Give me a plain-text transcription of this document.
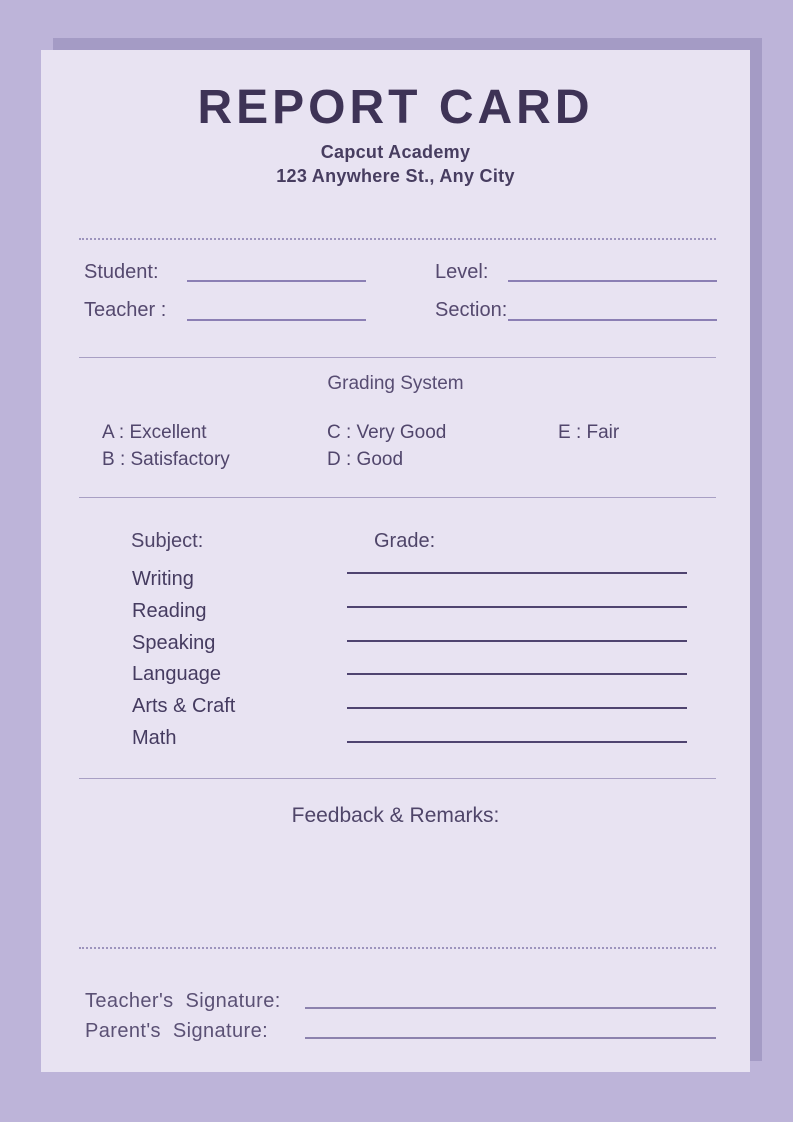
REPORT CARD
Capcut Academy
123 Anywhere St., Any City
Student:	Level:
Teacher :	Section:
Grading System
A : Excellent
B : Satisfactory
C : Very Good
D : Good
E : Fair
Subject:	Grade:
Writing
Reading
Speaking
Language
Arts & Craft
Math
Feedback & Remarks:
Teacher's Signature:
Parent's Signature:
